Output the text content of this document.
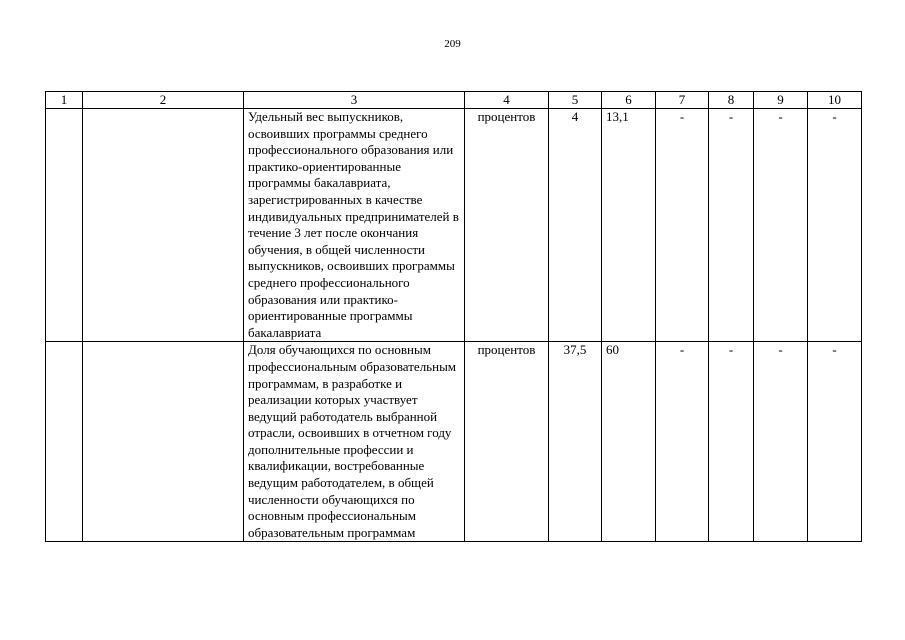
209
1	2	3	4	5	6	7	8	9	10
		Удельный вес выпускников, освоивших программы среднего профессионального образования или практико-ориентированные программы бакалавриата, зарегистрированных в качестве индивидуальных предпринимателей в течение 3 лет после окончания обучения, в общей численности выпускников, освоивших программы среднего профессионального образования или практико-ориентированные программы бакалавриата	процентов	4	13,1	-	-	-	-
		Доля обучающихся по основным профессиональным образовательным программам, в разработке и реализации которых участвует ведущий работодатель выбранной отрасли, освоивших в отчетном году дополнительные профессии и квалификации, востребованные ведущим работодателем, в общей численности обучающихся по основным профессиональным образовательным программам	процентов	37,5	60	-	-	-	-
